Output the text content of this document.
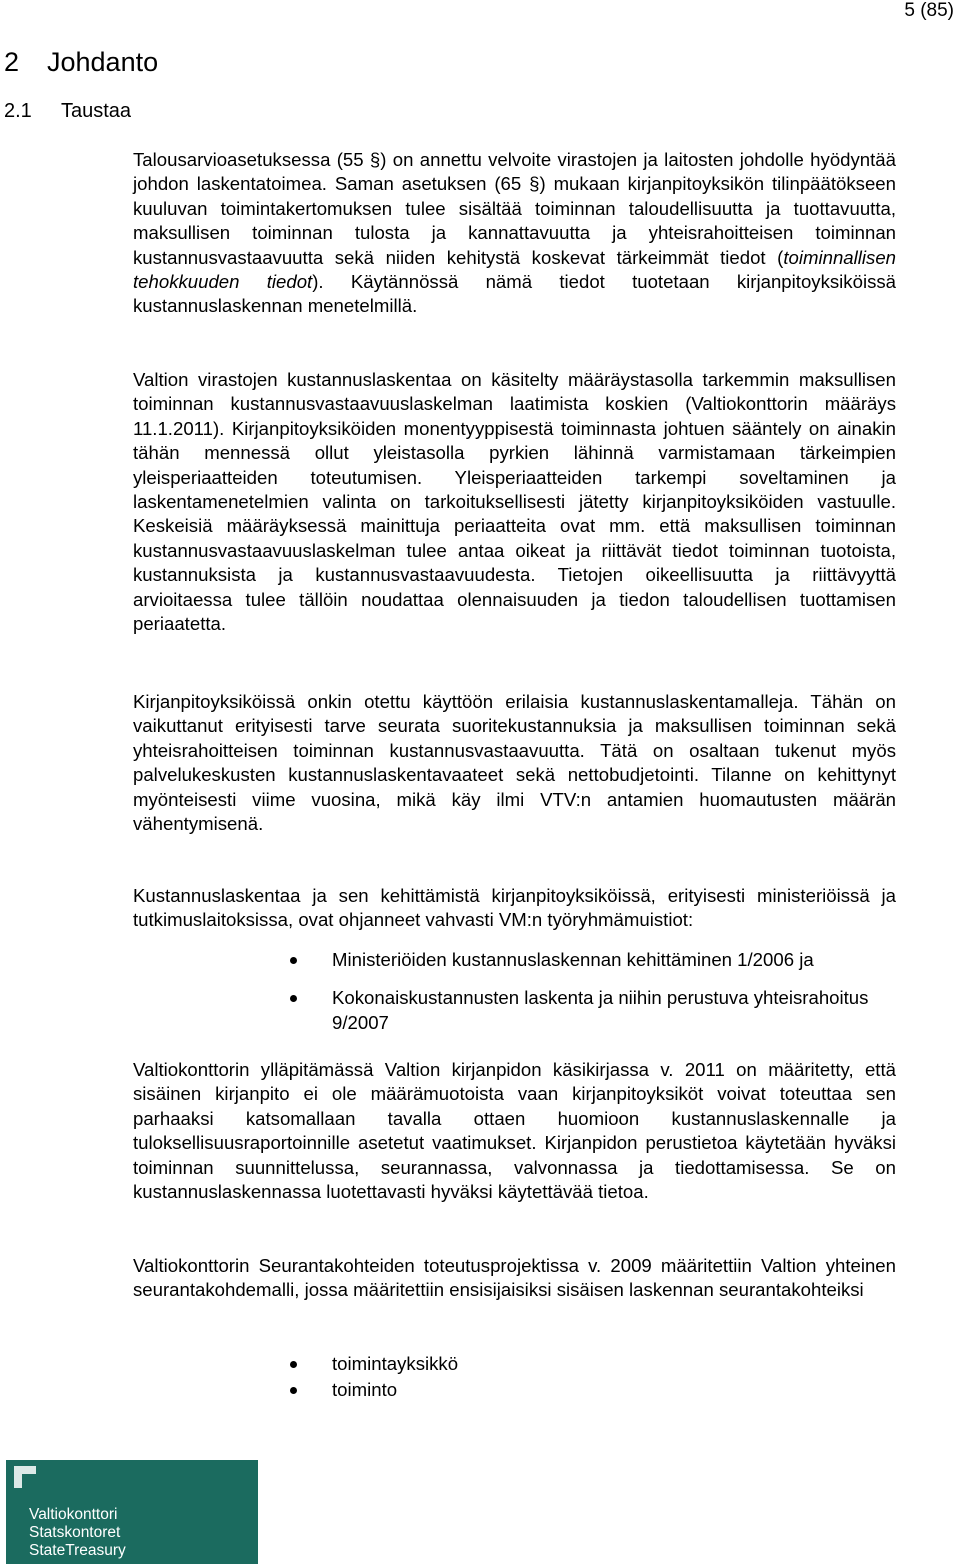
5 (85)
2 Johdanto
2.1 Taustaa

Talousarvioasetuksessa (55 §) on annettu velvoite virastojen ja laitosten johdolle hyödyntää johdon laskentatoimea. Saman asetuksen (65 §) mukaan kirjanpitoyksikön tilinpäätökseen kuuluvan toimintakertomuksen tulee sisältää toiminnan taloudellisuutta ja tuottavuutta, maksullisen toiminnan tulosta ja kannattavuutta ja yhteisrahoitteisen toiminnan kustannusvastaavuutta sekä niiden kehitystä koskevat tärkeimmät tiedot (toiminnallisen tehokkuuden tiedot). Käytännössä nämä tiedot tuotetaan kirjanpitoyksiköissä kustannuslaskennan menetelmillä.

Valtion virastojen kustannuslaskentaa on käsitelty määräystasolla tarkemmin maksullisen toiminnan kustannusvastaavuuslaskelman laatimista koskien (Valtiokonttorin määräys 11.1.2011). Kirjanpitoyksiköiden monentyyppisestä toiminnasta johtuen sääntely on ainakin tähän mennessä ollut yleistasolla pyrkien lähinnä varmistamaan tärkeimpien yleisperiaatteiden toteutumisen. Yleisperiaatteiden tarkempi soveltaminen ja laskentamenetelmien valinta on tarkoituksellisesti jätetty kirjanpitoyksiköiden vastuulle. Keskeisiä määräyksessä mainittuja periaatteita ovat mm. että maksullisen toiminnan kustannusvastaavuuslaskelman tulee antaa oikeat ja riittävät tiedot toiminnan tuotoista, kustannuksista ja kustannusvastaavuudesta. Tietojen oikeellisuutta ja riittävyyttä arvioitaessa tulee tällöin noudattaa olennaisuuden ja tiedon taloudellisen tuottamisen periaatetta.

Kirjanpitoyksiköissä onkin otettu käyttöön erilaisia kustannuslaskentamalleja. Tähän on vaikuttanut erityisesti tarve seurata suoritekustannuksia ja maksullisen toiminnan sekä yhteisrahoitteisen toiminnan kustannusvastaavuutta. Tätä on osaltaan tukenut myös palvelukeskusten kustannuslaskentavaateet sekä nettobudjetointi. Tilanne on kehittynyt myönteisesti viime vuosina, mikä käy ilmi VTV:n antamien huomautusten määrän vähentymisenä.

Kustannuslaskentaa ja sen kehittämistä kirjanpitoyksiköissä, erityisesti ministeriöissä ja tutkimuslaitoksissa, ovat ohjanneet vahvasti VM:n työryhmämuistiot:

Ministeriöiden kustannuslaskennan kehittäminen 1/2006 ja
Kokonaiskustannusten laskenta ja niihin perustuva yhteisrahoitus 9/2007

Valtiokonttorin ylläpitämässä Valtion kirjanpidon käsikirjassa v. 2011 on määritetty, että sisäinen kirjanpito ei ole määrämuotoista vaan kirjanpitoyksiköt voivat toteuttaa sen parhaaksi katsomallaan tavalla ottaen huomioon kustannuslaskennalle ja tuloksellisuusraportoinnille asetetut vaatimukset. Kirjanpidon perustietoa käytetään hyväksi toiminnan suunnittelussa, seurannassa, valvonnassa ja tiedottamisessa. Se on kustannuslaskennassa luotettavasti hyväksi käytettävää tietoa.

Valtiokonttorin Seurantakohteiden toteutusprojektissa v. 2009 määritettiin Valtion yhteinen seurantakohdemalli, jossa määritettiin ensisijaisiksi sisäisen laskennan seurantakohteiksi

toimintayksikkö
toiminto
Valtiokonttori
Statskontoret
StateTreasury
